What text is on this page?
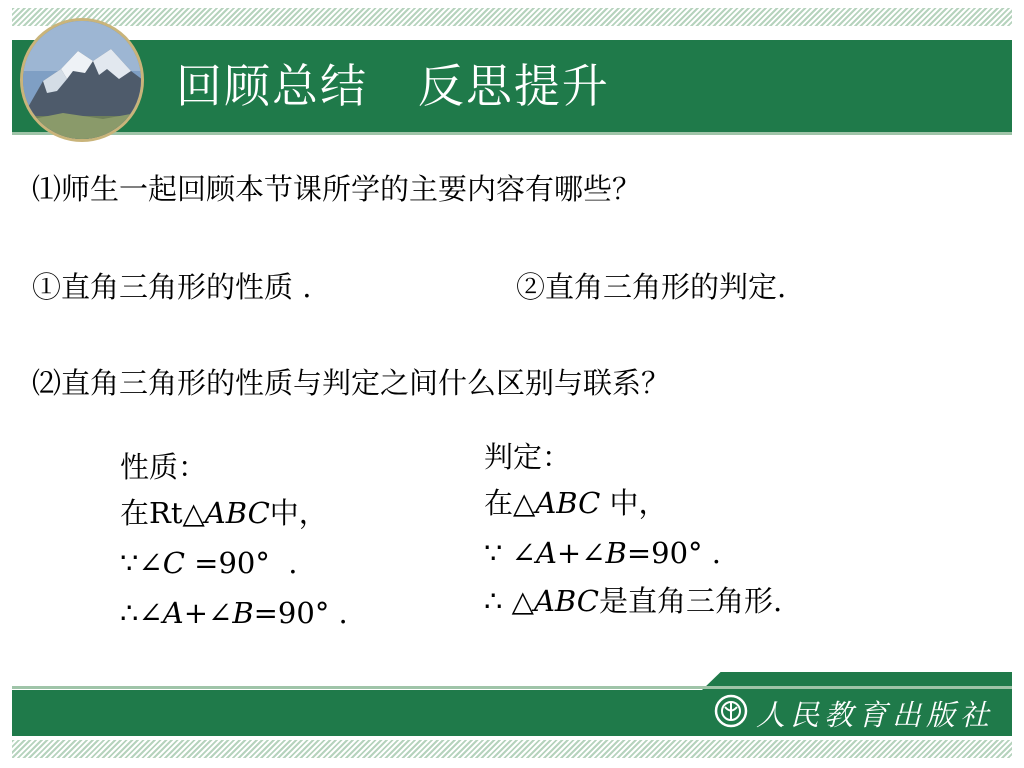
回顾总结   反思提升
⑴师生一起回顾本节课所学的主要内容有哪些？
①直角三角形的性质 .	②直角三角形的判定.
⑵直角三角形的性质与判定之间什么区别与联系？
性质：
在Rt△ABC中，
∵∠C =90°  .
∴∠A+∠B=90° .
判定：
在△ABC 中，
∵ ∠A+∠B=90° .
∴ △ABC是直角三角形.
人民教育出版社
